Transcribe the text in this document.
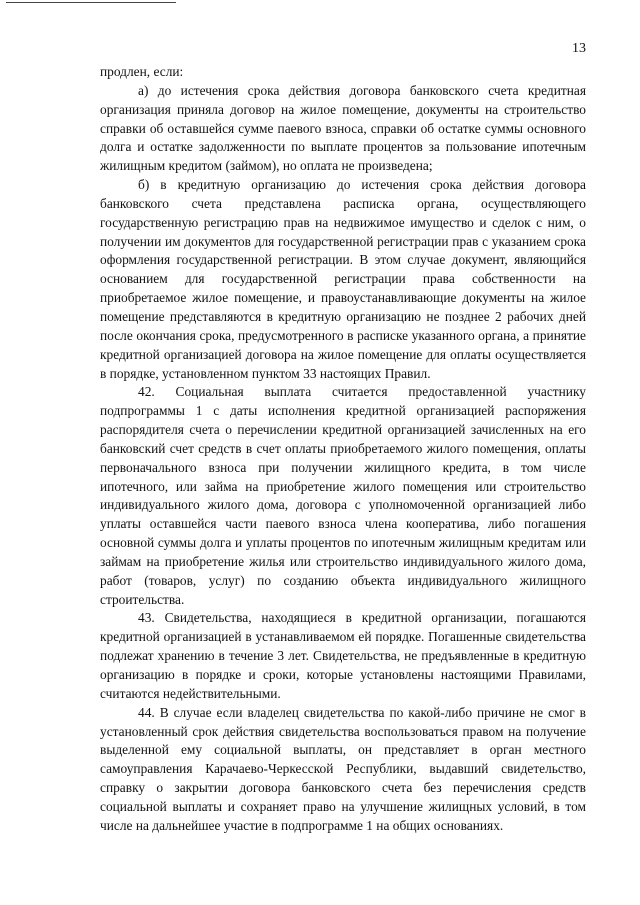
13

продлен, если:

а) до истечения срока действия договора банковского счета кредитная организация приняла договор на жилое помещение, документы на строительство справки об оставшейся сумме паевого взноса, справки об остатке суммы основного долга и остатке задолженности по выплате процентов за пользование ипотечным жилищным кредитом (займом), но оплата не произведена;

б) в кредитную организацию до истечения срока действия договора банковского счета представлена расписка органа, осуществляющего государственную регистрацию прав на недвижимое имущество и сделок с ним, о получении им документов для государственной регистрации прав с указанием срока оформления государственной регистрации. В этом случае документ, являющийся основанием для государственной регистрации права собственности на приобретаемое жилое помещение, и правоустанавливающие документы на жилое помещение представляются в кредитную организацию не позднее 2 рабочих дней после окончания срока, предусмотренного в расписке указанного органа, а принятие кредитной организацией договора на жилое помещение для оплаты осуществляется в порядке, установленном пунктом 33 настоящих Правил.

42. Социальная выплата считается предоставленной участнику подпрограммы 1 с даты исполнения кредитной организацией распоряжения распорядителя счета о перечислении кредитной организацией зачисленных на его банковский счет средств в счет оплаты приобретаемого жилого помещения, оплаты первоначального взноса при получении жилищного кредита, в том числе ипотечного, или займа на приобретение жилого помещения или строительство индивидуального жилого дома, договора с уполномоченной организацией либо уплаты оставшейся части паевого взноса члена кооператива, либо погашения основной суммы долга и уплаты процентов по ипотечным жилищным кредитам или займам на приобретение жилья или строительство индивидуального жилого дома, работ (товаров, услуг) по созданию объекта индивидуального жилищного строительства.

43. Свидетельства, находящиеся в кредитной организации, погашаются кредитной организацией в устанавливаемом ей порядке. Погашенные свидетельства подлежат хранению в течение 3 лет. Свидетельства, не предъявленные в кредитную организацию в порядке и сроки, которые установлены настоящими Правилами, считаются недействительными.

44. В случае если владелец свидетельства по какой-либо причине не смог в установленный срок действия свидетельства воспользоваться правом на получение выделенной ему социальной выплаты, он представляет в орган местного самоуправления Карачаево-Черкесской Республики, выдавший свидетельство, справку о закрытии договора банковского счета без перечисления средств социальной выплаты и сохраняет право на улучшение жилищных условий, в том числе на дальнейшее участие в подпрограмме 1 на общих основаниях.
